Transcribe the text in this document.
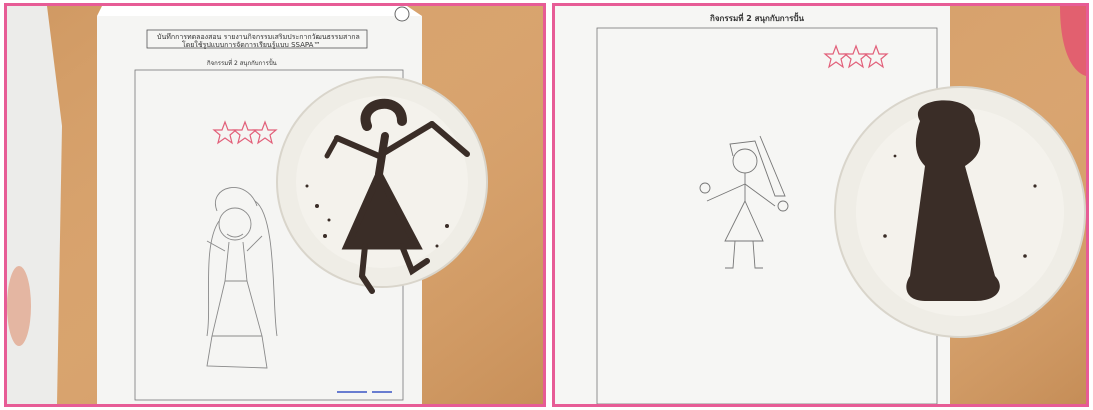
บันทึกการทดลองสอน รายงานกิจกรรมเสริมประกากวัฒนธรรมสากล
โดยใช้รูปแบบการจัดการเรียนรู้แบบ SSAPA™
กิจกรรมที่ 2 สนุกกับการปั้น
กิจกรรมที่ 2 สนุกกับการปั้น
